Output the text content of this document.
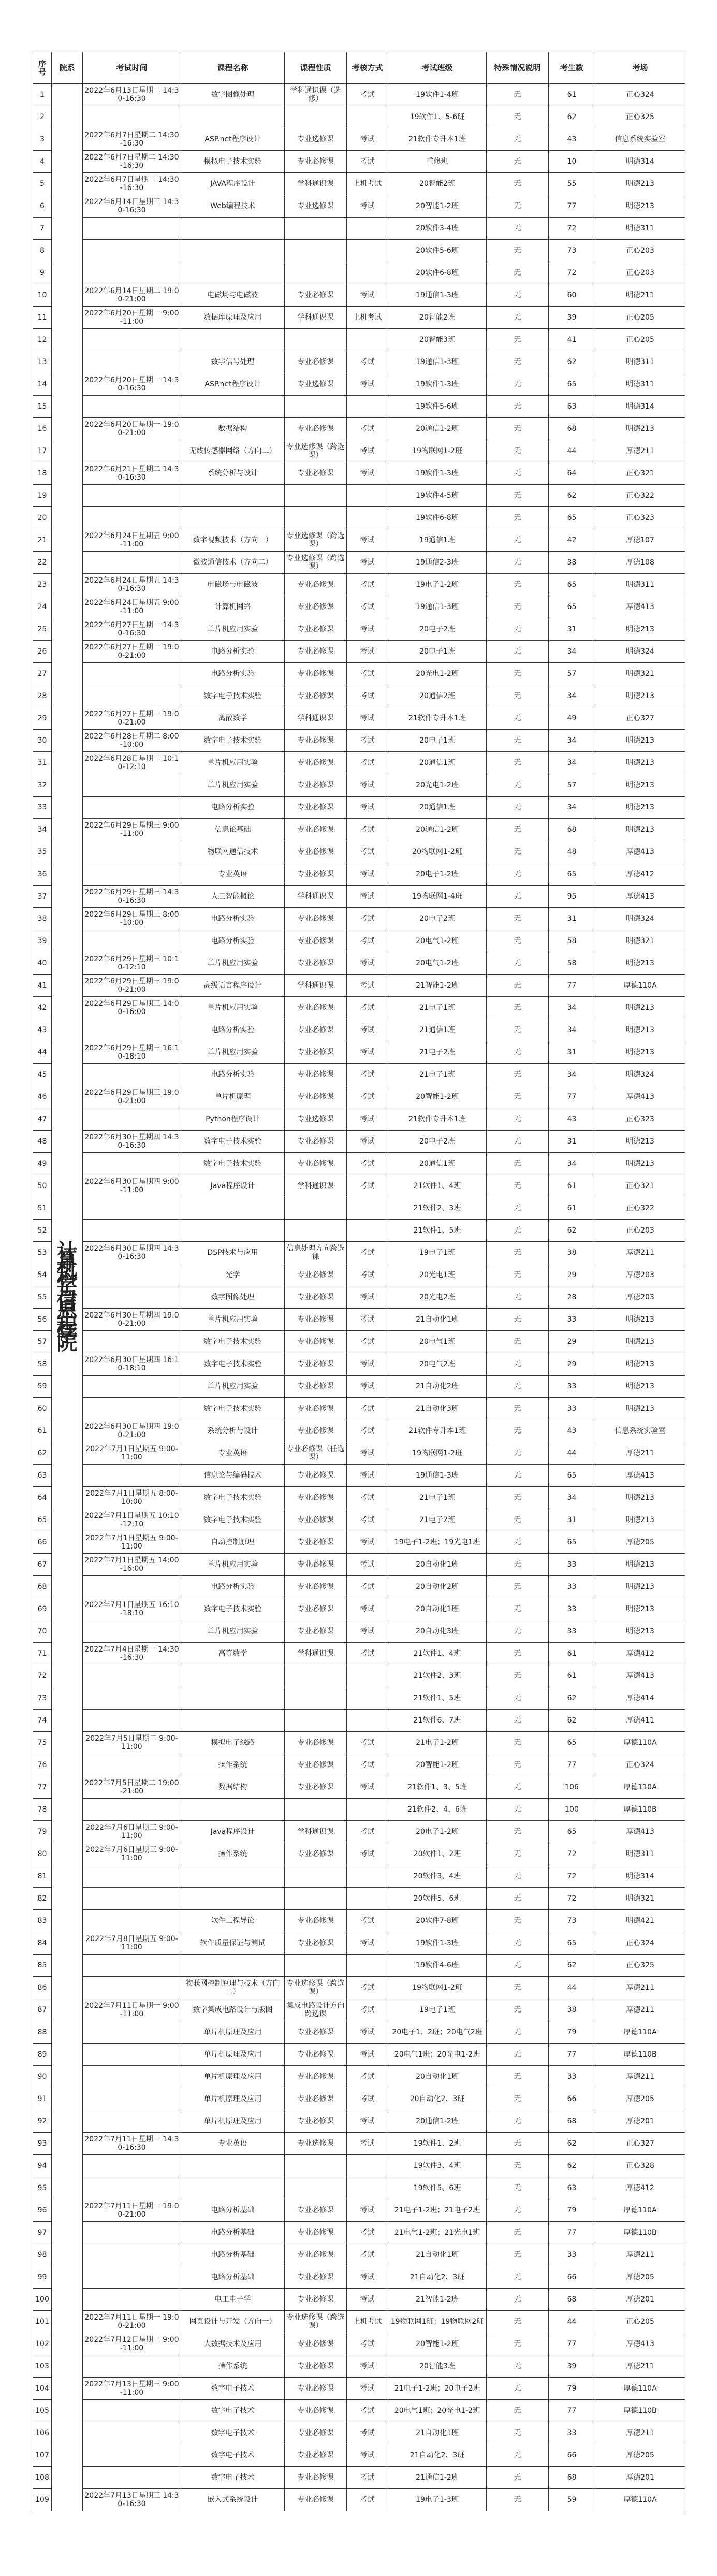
序号	院系	考试时间	课程名称	课程性质	考核方式	考试班级	特殊情况说明	考生数	考场
1	计算机科学与信息工程学院	2022年6月13日星期二 14:30-16:30	数字图像处理	学科通识课（选修）	考试	19软件1-4班	无	61	正心324
2						19软件1、5-6班	无	62	正心325
3		2022年6月7日星期二 14:30-16:30	ASP.net程序设计	专业选修课	考试	21软件专升本1班	无	43	信息系统实验室
4		2022年6月7日星期二 14:30-16:30	模拟电子技术实验	专业必修课	考试	重修班	无	10	明德314
5		2022年6月7日星期二 14:30-16:30	JAVA程序设计	学科通识课	上机考试	20智能2班	无	55	明德213
6		2022年6月14日星期三 14:30-16:30	Web编程技术	专业选修课	考试	20智能1-2班	无	77	明德213
7						20软件3-4班	无	72	明德311
8						20软件5-6班	无	73	正心203
9						20软件6-8班	无	72	正心203
10		2022年6月14日星期二 19:00-21:00	电磁场与电磁波	专业必修课	考试	19通信1-3班	无	60	明德211
11		2022年6月20日星期一 9:00-11:00	数据库原理及应用	学科通识课	上机考试	20智能2班	无	39	正心205
12						20智能3班	无	41	正心205
13			数字信号处理	专业必修课	考试	19通信1-3班	无	62	明德311
14		2022年6月20日星期一 14:30-16:30	ASP.net程序设计	专业选修课	考试	19软件1-3班	无	65	明德311
15						19软件5-6班	无	63	明德314
16		2022年6月20日星期一 19:00-21:00	数据结构	专业必修课	考试	20通信1-2班	无	68	明德213
17			无线传感器网络（方向二）	专业选修课（跨选课）	考试	19物联网1-2班	无	44	厚德211
18		2022年6月21日星期二 14:30-16:30	系统分析与设计	专业必修课	考试	19软件1-3班	无	64	正心321
19						19软件4-5班	无	62	正心322
20						19软件6-8班	无	65	正心323
21		2022年6月24日星期五 9:00-11:00	数字视频技术（方向一）	专业选修课（跨选课）	考试	19通信1班	无	42	厚德107
22			微波通信技术（方向二）	专业选修课（跨选课）	考试	19通信2-3班	无	38	厚德108
23		2022年6月24日星期五 14:30-16:30	电磁场与电磁波	专业必修课	考试	19电子1-2班	无	65	明德311
24		2022年6月24日星期五 9:00-11:00	计算机网络	专业必修课	考试	19通信1-3班	无	65	厚德413
25		2022年6月27日星期一 14:30-16:30	单片机应用实验	专业必修课	考试	20电子2班	无	31	明德213
26		2022年6月27日星期一 19:00-21:00	电路分析实验	专业必修课	考试	20电子1班	无	34	明德324
27			电路分析实验	专业必修课	考试	20光电1-2班	无	57	明德321
28			数字电子技术实验	专业必修课	考试	20通信2班	无	34	明德213
29		2022年6月27日星期一 19:00-21:00	离散数学	学科通识课	考试	21软件专升本1班	无	49	正心327
30		2022年6月28日星期二 8:00-10:00	数字电子技术实验	专业必修课	考试	20电子1班	无	34	明德213
31		2022年6月28日星期二 10:10-12:10	单片机应用实验	专业必修课	考试	20通信1班	无	34	明德213
32			单片机应用实验	专业必修课	考试	20光电1-2班	无	57	明德213
33			电路分析实验	专业必修课	考试	20通信1班	无	34	明德213
34		2022年6月29日星期三 9:00-11:00	信息论基础	专业必修课	考试	20通信1-2班	无	68	明德213
35			物联网通信技术	专业必修课	考试	20物联网1-2班	无	48	厚德413
36			专业英语	专业必修课	考试	20电子1-2班	无	65	厚德412
37		2022年6月29日星期三 14:30-16:30	人工智能概论	学科通识课	考试	19物联网1-4班	无	95	厚德413
38		2022年6月29日星期三 8:00-10:00	电路分析实验	专业必修课	考试	20电子2班	无	31	明德324
39			电路分析实验	专业必修课	考试	20电气1-2班	无	58	明德321
40		2022年6月29日星期三 10:10-12:10	单片机应用实验	专业必修课	考试	20电气1-2班	无	58	明德213
41		2022年6月29日星期三 19:00-21:00	高级语言程序设计	学科通识课	考试	21智能1-2班	无	77	厚德110A
42		2022年6月29日星期三 14:00-16:00	单片机应用实验	专业必修课	考试	21电子1班	无	34	明德213
43			电路分析实验	专业必修课	考试	21通信1班	无	34	明德213
44		2022年6月29日星期三 16:10-18:10	单片机应用实验	专业必修课	考试	21电子2班	无	31	明德213
45			电路分析实验	专业必修课	考试	21电子1班	无	34	明德324
46		2022年6月29日星期三 19:00-21:00	单片机原理	专业必修课	考试	20智能1-2班	无	77	厚德413
47			Python程序设计	专业选修课	考试	21软件专升本1班	无	43	正心323
48		2022年6月30日星期四 14:30-16:30	数字电子技术实验	专业必修课	考试	20电子2班	无	31	明德213
49			数字电子技术实验	专业必修课	考试	20通信1班	无	34	明德213
50		2022年6月30日星期四 9:00-11:00	Java程序设计	学科通识课	考试	21软件1、4班	无	61	正心321
51						21软件2、3班	无	61	正心322
52						21软件1、5班	无	62	正心203
53		2022年6月30日星期四 14:30-16:30	DSP技术与应用	信息处理方向跨选课	考试	19电子1班	无	38	厚德211
54			光学	专业必修课	考试	20光电1班	无	29	厚德203
55			数字图像处理	专业必修课	考试	20光电2班	无	28	厚德203
56		2022年6月30日星期四 19:00-21:00	单片机应用实验	专业必修课	考试	21自动化1班	无	33	明德213
57			数字电子技术实验	专业必修课	考试	20电气1班	无	29	明德213
58		2022年6月30日星期四 16:10-18:10	数字电子技术实验	专业必修课	考试	20电气2班	无	29	明德213
59			单片机应用实验	专业必修课	考试	21自动化2班	无	33	明德213
60			数字电子技术实验	专业必修课	考试	21自动化3班	无	33	明德213
61		2022年6月30日星期四 19:00-21:00	系统分析与设计	专业必修课	考试	21软件专升本1班	无	43	信息系统实验室
62		2022年7月1日星期五 9:00-11:00	专业英语	专业必修课（任选课）	考试	19物联网1-2班	无	44	厚德211
63			信息论与编码技术	专业必修课	考试	19通信1-3班	无	65	厚德413
64		2022年7月1日星期五 8:00-10:00	数字电子技术实验	专业必修课	考试	21电子1班	无	34	明德213
65		2022年7月1日星期五 10:10-12:10	数字电子技术实验	专业必修课	考试	21电子2班	无	31	明德213
66		2022年7月1日星期五 9:00-11:00	自动控制原理	专业必修课	考试	19电子1-2班；19光电1班	无	65	厚德205
67		2022年7月1日星期五 14:00-16:00	单片机应用实验	专业必修课	考试	20自动化1班	无	33	明德213
68			电路分析实验	专业必修课	考试	20自动化2班	无	33	明德213
69		2022年7月1日星期五 16:10-18:10	数字电子技术实验	专业必修课	考试	20自动化1班	无	33	明德213
70			单片机应用实验	专业必修课	考试	20自动化3班	无	33	明德213
71		2022年7月4日星期一 14:30-16:30	高等数学	学科通识课	考试	21软件1、4班	无	61	厚德412
72						21软件2、3班	无	61	厚德413
73						21软件1、5班	无	62	厚德414
74						21软件6、7班	无	62	厚德411
75		2022年7月5日星期二 9:00-11:00	模拟电子线路	专业必修课	考试	21电子1-2班	无	65	厚德110A
76			操作系统	专业必修课	考试	20智能1-2班	无	77	正心324
77		2022年7月5日星期二 19:00-21:00	数据结构	专业必修课	考试	21软件1、3、5班	无	106	厚德110A
78						21软件2、4、6班	无	100	厚德110B
79		2022年7月6日星期三 9:00-11:00	Java程序设计	学科通识课	考试	20电子1-2班	无	65	厚德413
80		2022年7月6日星期三 9:00-11:00	操作系统	专业必修课	考试	20软件1、2班	无	72	明德311
81						20软件3、4班	无	72	明德314
82						20软件5、6班	无	72	明德321
83			软件工程导论	专业必修课	考试	20软件7-8班	无	73	明德421
84		2022年7月8日星期五 9:00-11:00	软件质量保证与测试	专业必修课	考试	19软件1-3班	无	65	正心324
85						19软件4-6班	无	62	正心325
86			物联网控制原理与技术（方向二）	专业选修课（跨选课）	考试	19物联网1-2班	无	44	厚德211
87		2022年7月11日星期一 9:00-11:00	数字集成电路设计与版图	集成电路设计方向跨选课	考试	19电子1班	无	38	厚德211
88			单片机原理及应用	专业必修课	考试	20电子1、2班；20电气2班	无	79	厚德110A
89			单片机原理及应用	专业必修课	考试	20电气1班；20光电1-2班	无	77	厚德110B
90			单片机原理及应用	专业必修课	考试	20自动化1班	无	33	厚德211
91			单片机原理及应用	专业必修课	考试	20自动化2、3班	无	66	厚德205
92			单片机原理及应用	专业必修课	考试	20通信1-2班	无	68	厚德201
93		2022年7月11日星期一 14:30-16:30	专业英语	专业选修课	考试	19软件1、2班	无	62	正心327
94						19软件3、4班	无	62	正心328
95						19软件5、6班	无	63	厚德412
96		2022年7月11日星期一 19:00-21:00	电路分析基础	专业必修课	考试	21电子1-2班；21电子2班	无	79	厚德110A
97			电路分析基础	专业必修课	考试	21电气1-2班；21光电1班	无	77	厚德110B
98			电路分析基础	专业必修课	考试	21自动化1班	无	33	厚德211
99			电路分析基础	专业必修课	考试	21自动化2、3班	无	66	厚德205
100			电工电子学	专业必修课	考试	21智能1-2班	无	68	厚德201
101		2022年7月11日星期一 19:00-21:00	网页设计与开发（方向一）	专业选修课（跨选课）	上机考试	19物联网1班；19物联网2班	无	44	正心205
102		2022年7月12日星期二 9:00-11:00	大数据技术及应用	专业必修课	考试	20智能1-2班	无	77	厚德413
103			操作系统	专业必修课	考试	20智能3班	无	39	厚德211
104		2022年7月13日星期三 9:00-11:00	数字电子技术	专业必修课	考试	21电子1-2班；20电子2班	无	79	厚德110A
105			数字电子技术	专业必修课	考试	20电气1班；20光电1-2班	无	77	厚德110B
106			数字电子技术	专业必修课	考试	21自动化1班	无	33	厚德211
107			数字电子技术	专业必修课	考试	21自动化2、3班	无	66	厚德205
108			数字电子技术	专业必修课	考试	21通信1-2班	无	68	厚德201
109		2022年7月13日星期三 14:30-16:30	嵌入式系统设计	专业必修课	考试	19电子1-3班	无	59	厚德110A
